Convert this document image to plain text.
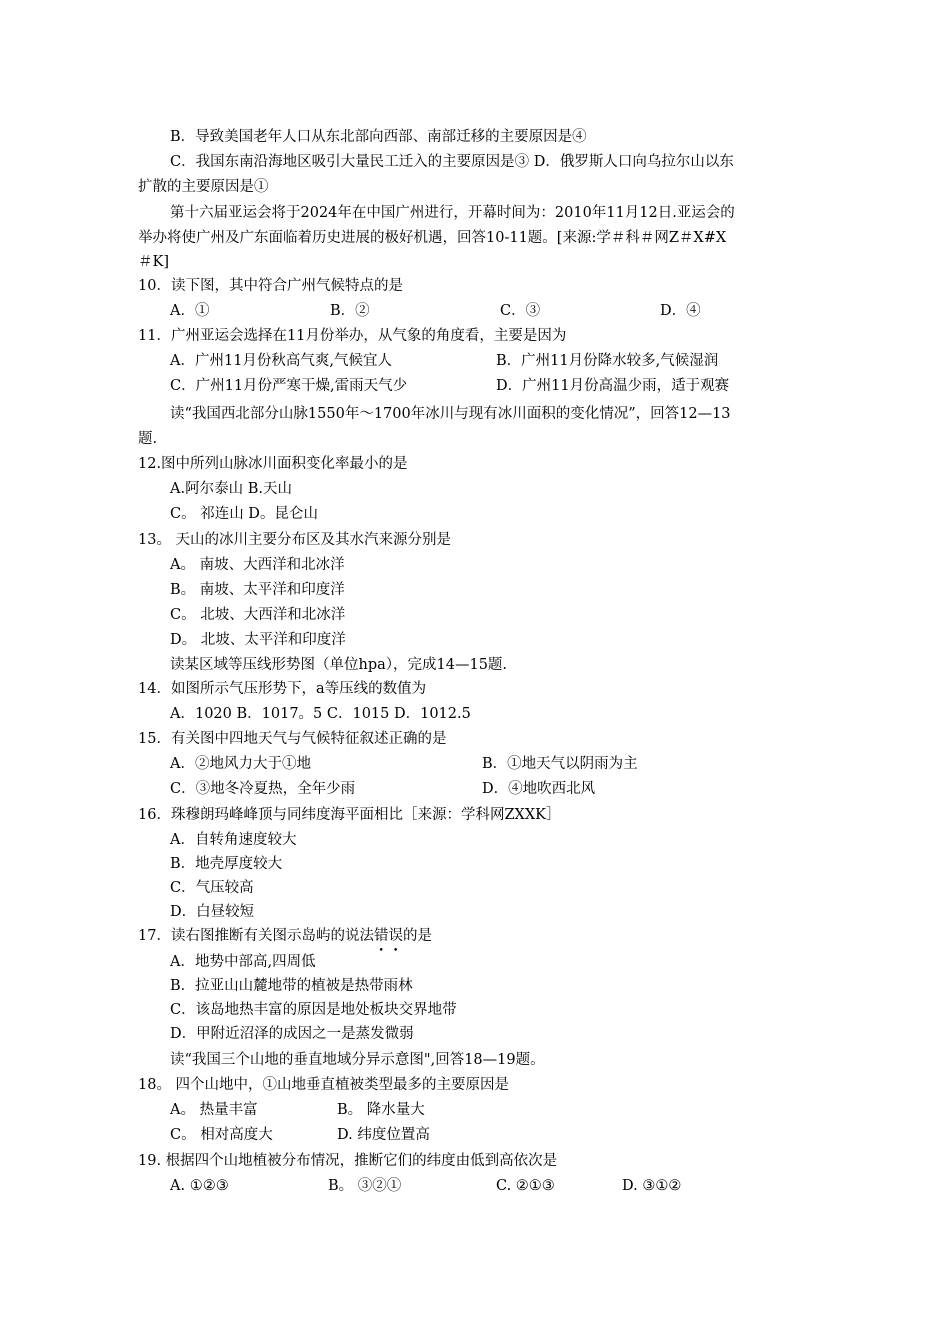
B．导致美国老年人口从东北部向西部、南部迁移的主要原因是④
C．我国东南沿海地区吸引大量民工迁入的主要原因是③ D．俄罗斯人口向乌拉尔山以东
扩散的主要原因是①
第十六届亚运会将于2024年在中国广州进行，开幕时间为：2010年11月12日.亚运会的
举办将使广州及广东面临着历史进展的极好机遇，回答10-11题。[来源:学＃科＃网Z＃X#X
＃K]
10．读下图，其中符合广州气候特点的是
A．①	B．②	C．③	D．④
11．广州亚运会选择在11月份举办，从气象的角度看，主要是因为
A．广州11月份秋高气爽,气候宜人	B．广州11月份降水较多,气候湿润
C．广州11月份严寒干燥,雷雨天气少	D．广州11月份高温少雨，适于观赛
读“我国西北部分山脉1550年～1700年冰川与现有冰川面积的变化情况”，回答12—13
题.
12.图中所列山脉冰川面积变化率最小的是
A.阿尔泰山 B.天山
C。 祁连山 D。昆仑山
13。 天山的冰川主要分布区及其水汽来源分别是
A。 南坡、大西洋和北冰洋
B。 南坡、太平洋和印度洋
C。 北坡、大西洋和北冰洋
D。 北坡、太平洋和印度洋
读某区域等压线形势图（单位hpa），完成14—15题.
14．如图所示气压形势下，a等压线的数值为
A．1020 B．1017。5 C．1015 D．1012.5
15．有关图中四地天气与气候特征叙述正确的是
A．②地风力大于①地	B．①地天气以阴雨为主
C．③地冬冷夏热，全年少雨	D．④地吹西北风
16．珠穆朗玛峰峰顶与同纬度海平面相比［来源：学科网ZXXK］
A．自转角速度较大
B．地壳厚度较大
C．气压较高
D．白昼较短
17．读右图推断有关图示岛屿的说法错误的是
A．地势中部高,四周低
B．拉亚山山麓地带的植被是热带雨林
C．该岛地热丰富的原因是地处板块交界地带
D．甲附近沼泽的成因之一是蒸发微弱
读“我国三个山地的垂直地域分异示意图",回答18—19题。
18。 四个山地中，①山地垂直植被类型最多的主要原因是
A。 热量丰富	B。 降水量大
C。 相对高度大	D. 纬度位置高
19. 根据四个山地植被分布情况，推断它们的纬度由低到高依次是
A. ①②③	B。 ③②①	C. ②①③	D. ③①②
